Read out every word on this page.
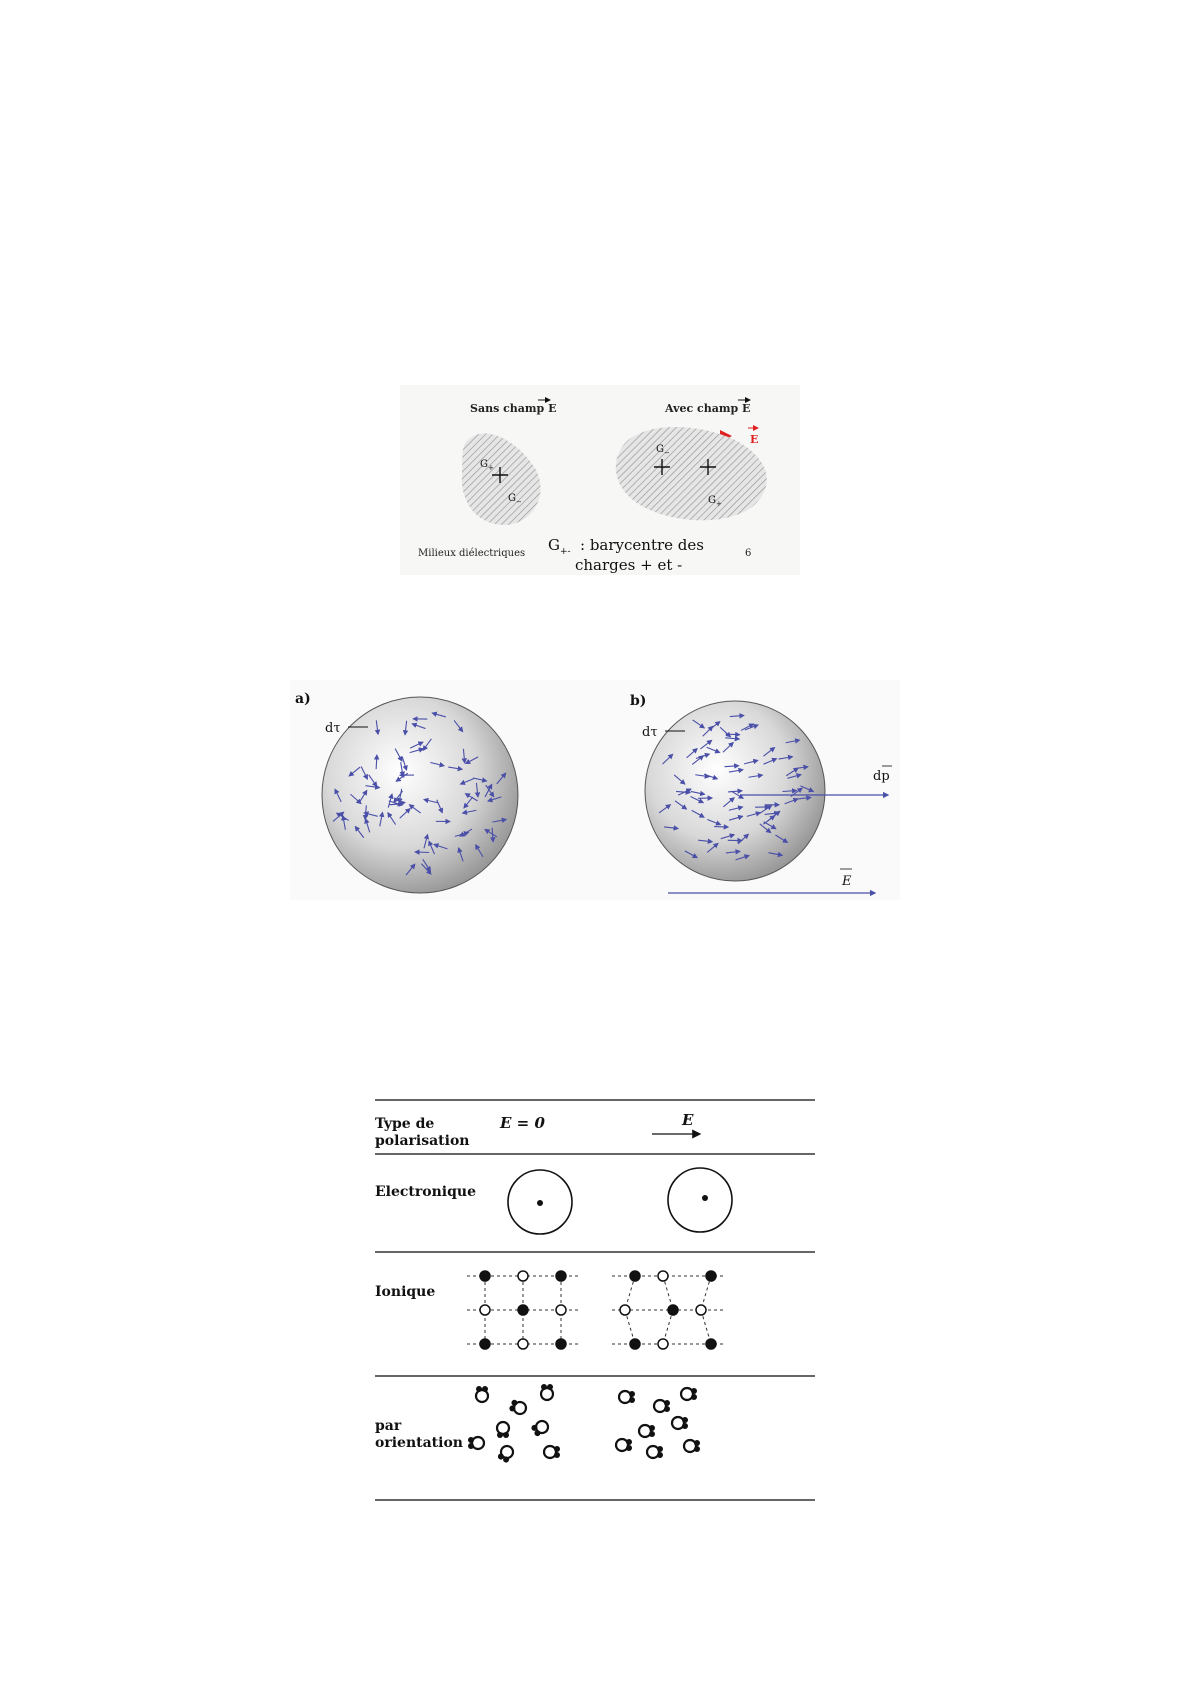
Sans champ E	Avec champ E
E
$G_+$
$G_-$
$G_-$
$G_+$
Milieux diélectriques $G_{+-}$ : barycentre des
charges + et -
6
a)	b)
dτ	dτ
dp
E
Type de
polarisation
E = 0	E
Electronique
Ionique
par
orientation
